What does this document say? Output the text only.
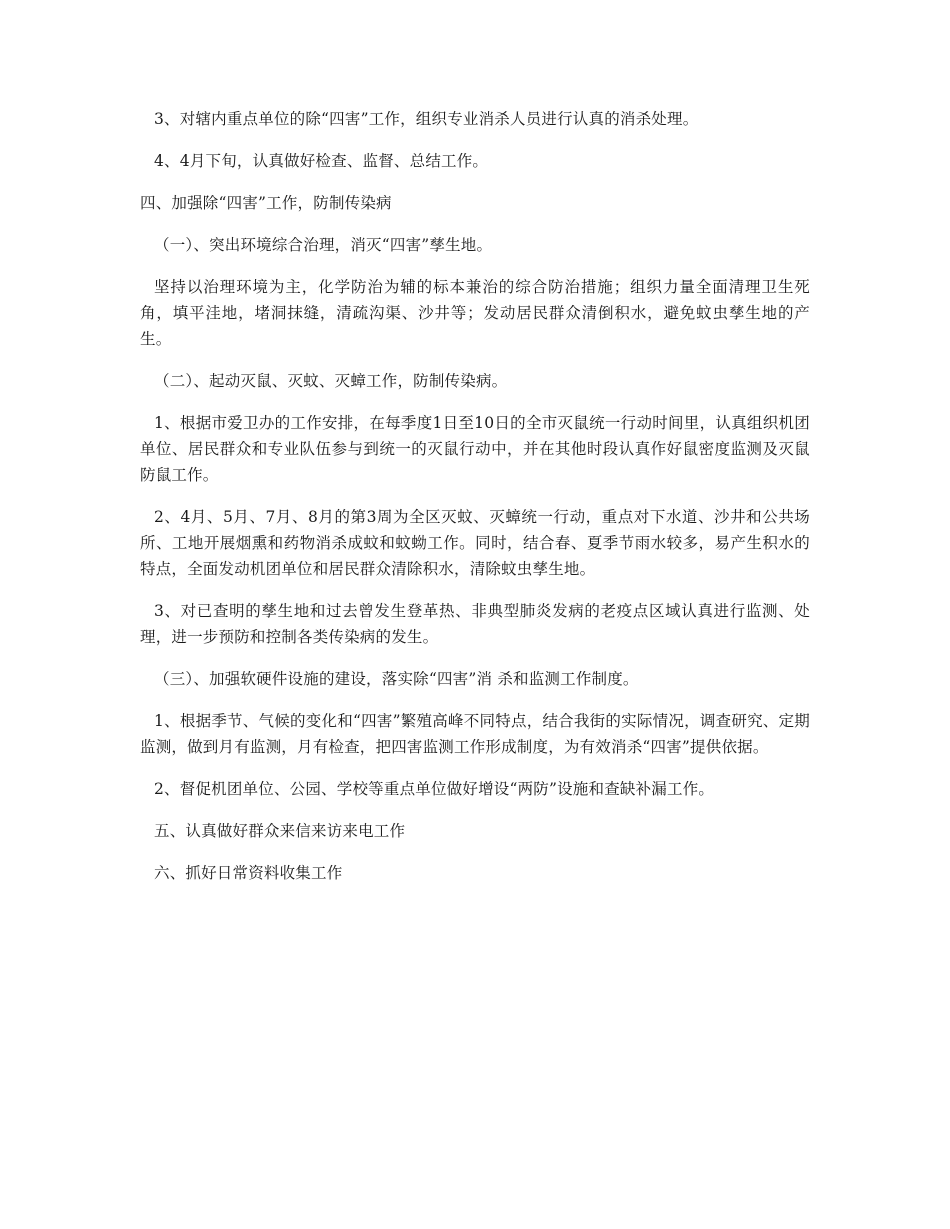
3、对辖内重点单位的除“四害”工作，组织专业消杀人员进行认真的消杀处理。

4、4月下旬，认真做好检查、监督、总结工作。

四、加强除“四害”工作，防制传染病

（一）、突出环境综合治理，消灭“四害”孳生地。

坚持以治理环境为主，化学防治为辅的标本兼治的综合防治措施；组织力量全面清理卫生死角，填平洼地，堵洞抹缝，清疏沟渠、沙井等；发动居民群众清倒积水，避免蚊虫孳生地的产生。

（二）、起动灭鼠、灭蚊、灭蟑工作，防制传染病。

1、根据市爱卫办的工作安排，在每季度1日至10日的全市灭鼠统一行动时间里，认真组织机团单位、居民群众和专业队伍参与到统一的灭鼠行动中，并在其他时段认真作好鼠密度监测及灭鼠防鼠工作。

2、4月、5月、7月、8月的第3周为全区灭蚊、灭蟑统一行动，重点对下水道、沙井和公共场所、工地开展烟熏和药物消杀成蚊和蚊蚴工作。同时，结合春、夏季节雨水较多，易产生积水的特点，全面发动机团单位和居民群众清除积水，清除蚊虫孳生地。

3、对已查明的孳生地和过去曾发生登革热、非典型肺炎发病的老疫点区域认真进行监测、处理，进一步预防和控制各类传染病的发生。

（三）、加强软硬件设施的建设，落实除“四害”消 杀和监测工作制度。

1、根据季节、气候的变化和“四害”繁殖高峰不同特点，结合我街的实际情况，调查研究、定期监测，做到月有监测，月有检查，把四害监测工作形成制度，为有效消杀“四害”提供依据。

2、督促机团单位、公园、学校等重点单位做好增设“两防”设施和查缺补漏工作。

五、认真做好群众来信来访来电工作

六、抓好日常资料收集工作
